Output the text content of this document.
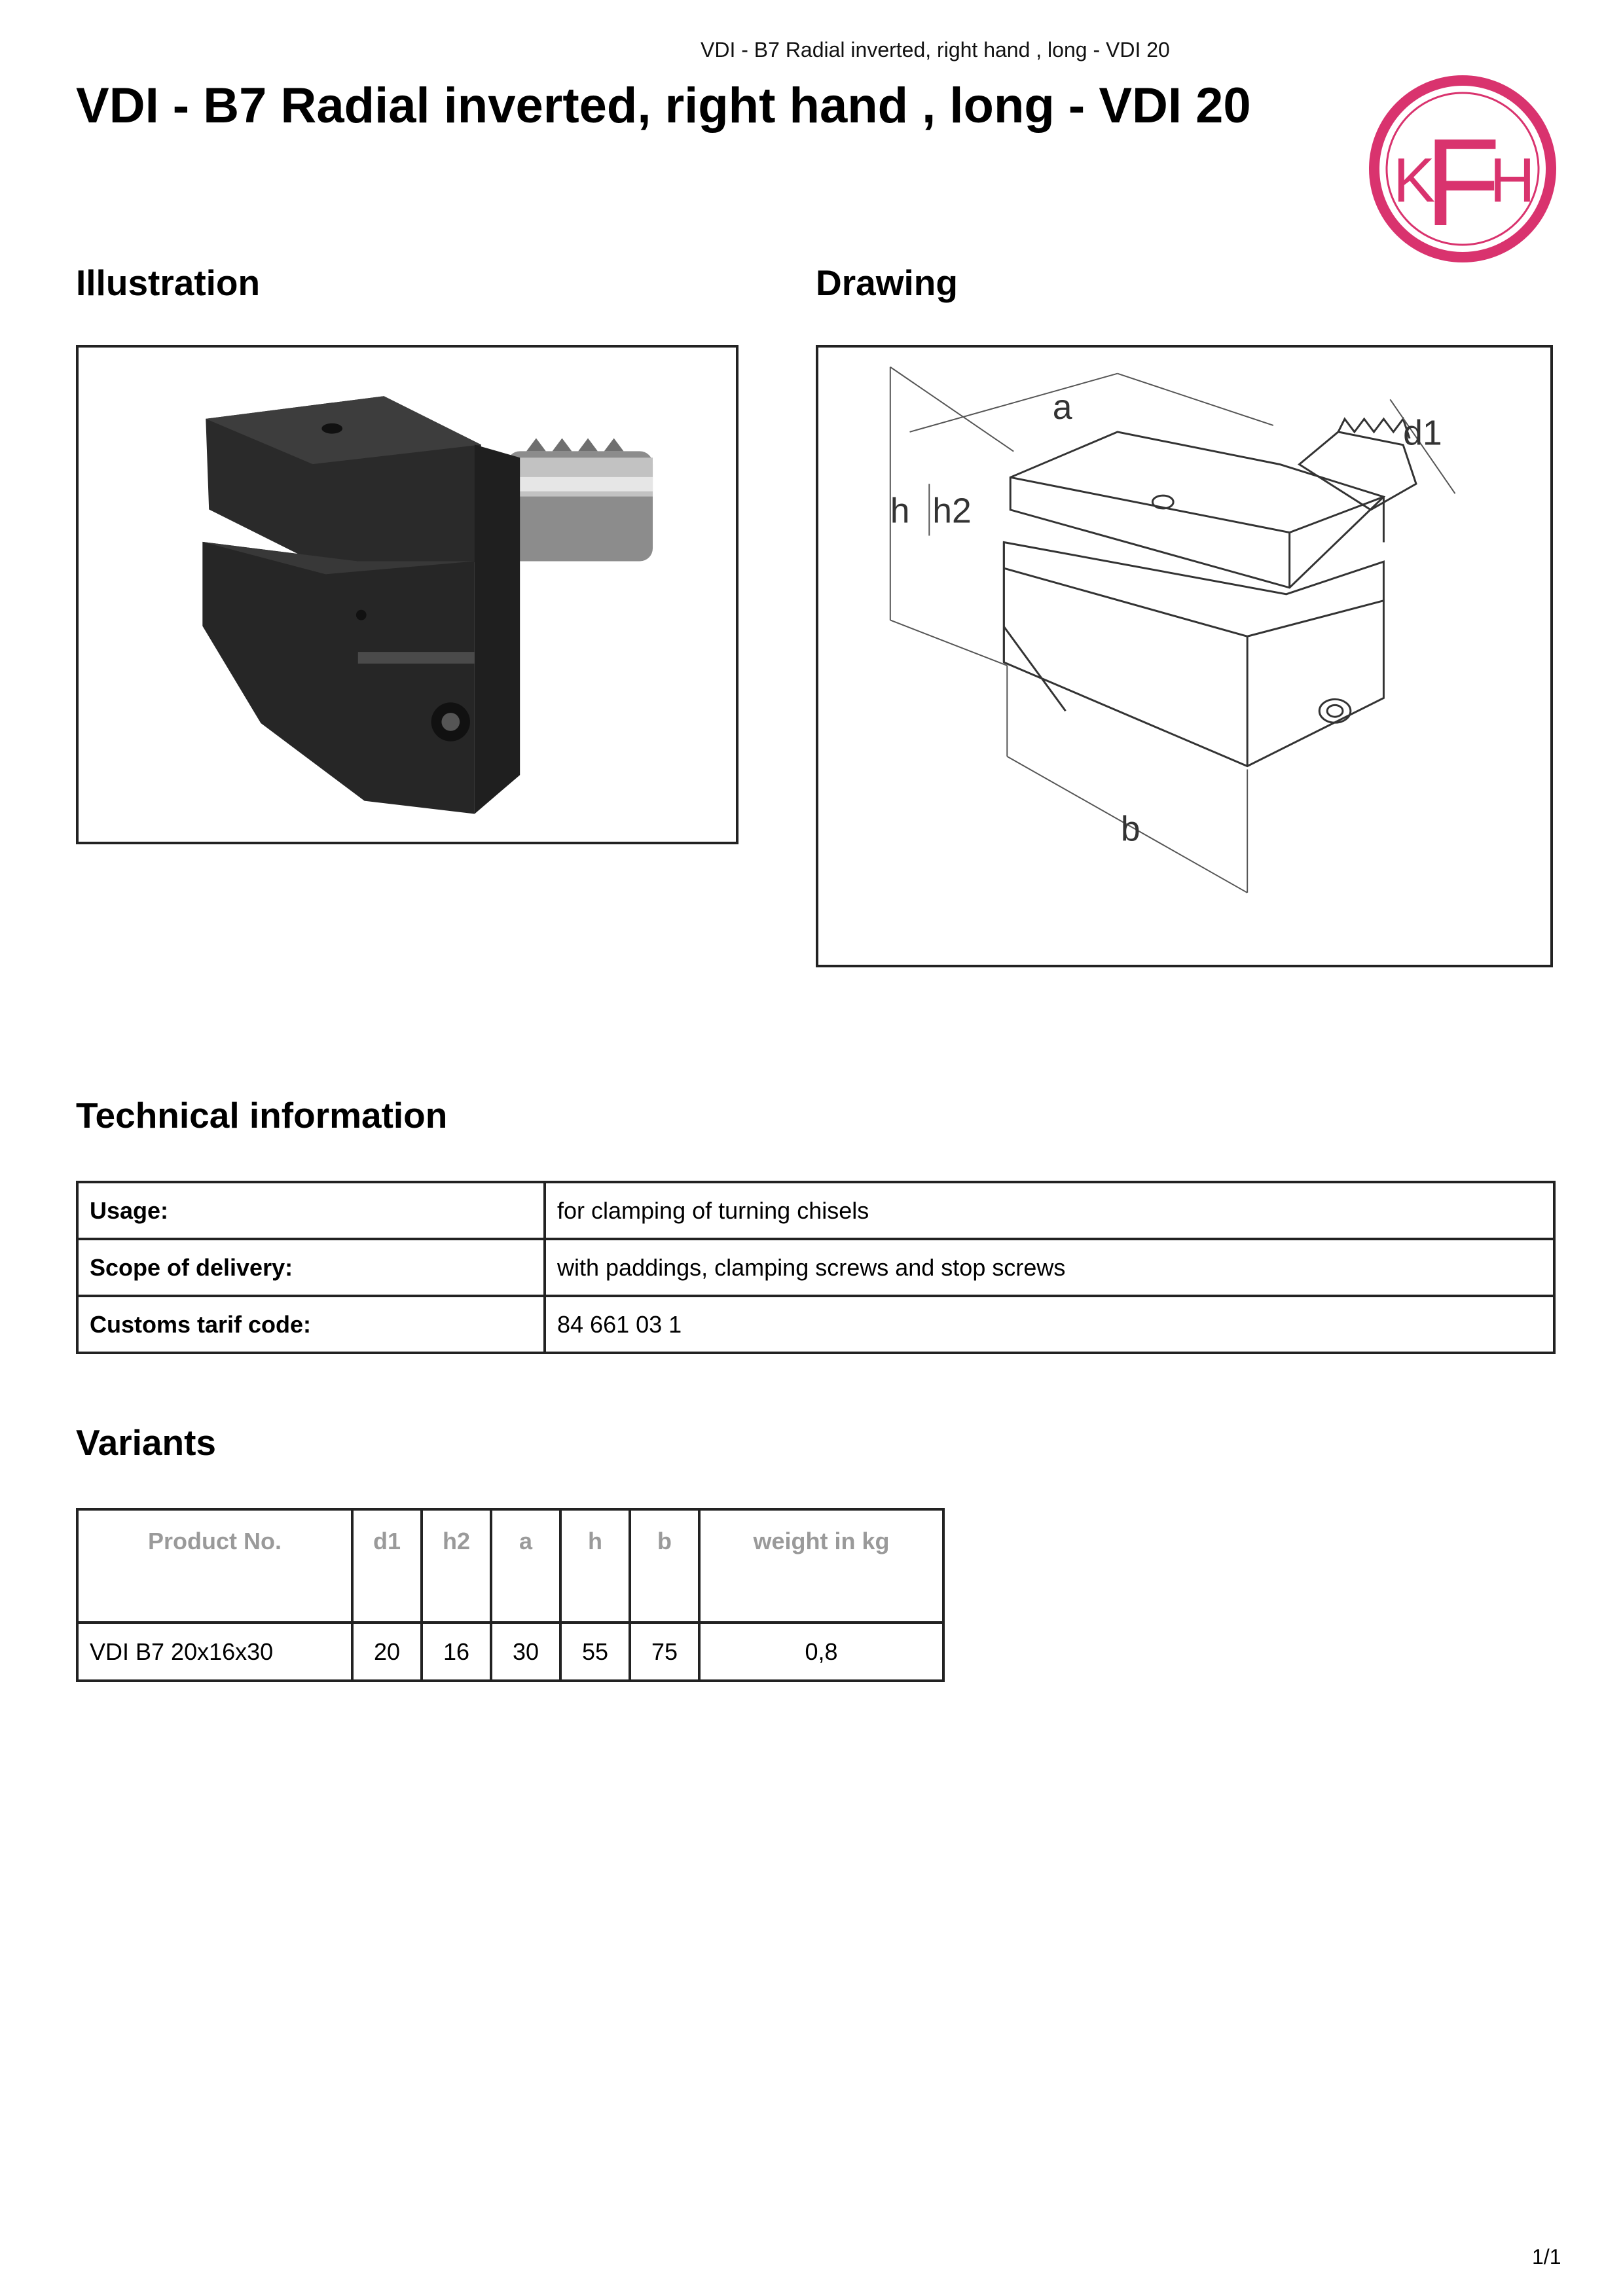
VDI - B7 Radial inverted, right hand , long - VDI 20
VDI - B7 Radial inverted, right hand , long - VDI 20
F
K H
Illustration	Drawing
a
d1
h h2
b
Technical information
Usage:	for clamping of turning chisels
Scope of delivery:	with paddings, clamping screws and stop screws
Customs tarif code:	84 661 03 1
Variants
Product No.	d1	h2	a	h	b	weight in kg
VDI B7 20x16x30	20	16	30	55	75	0,8
1/1
